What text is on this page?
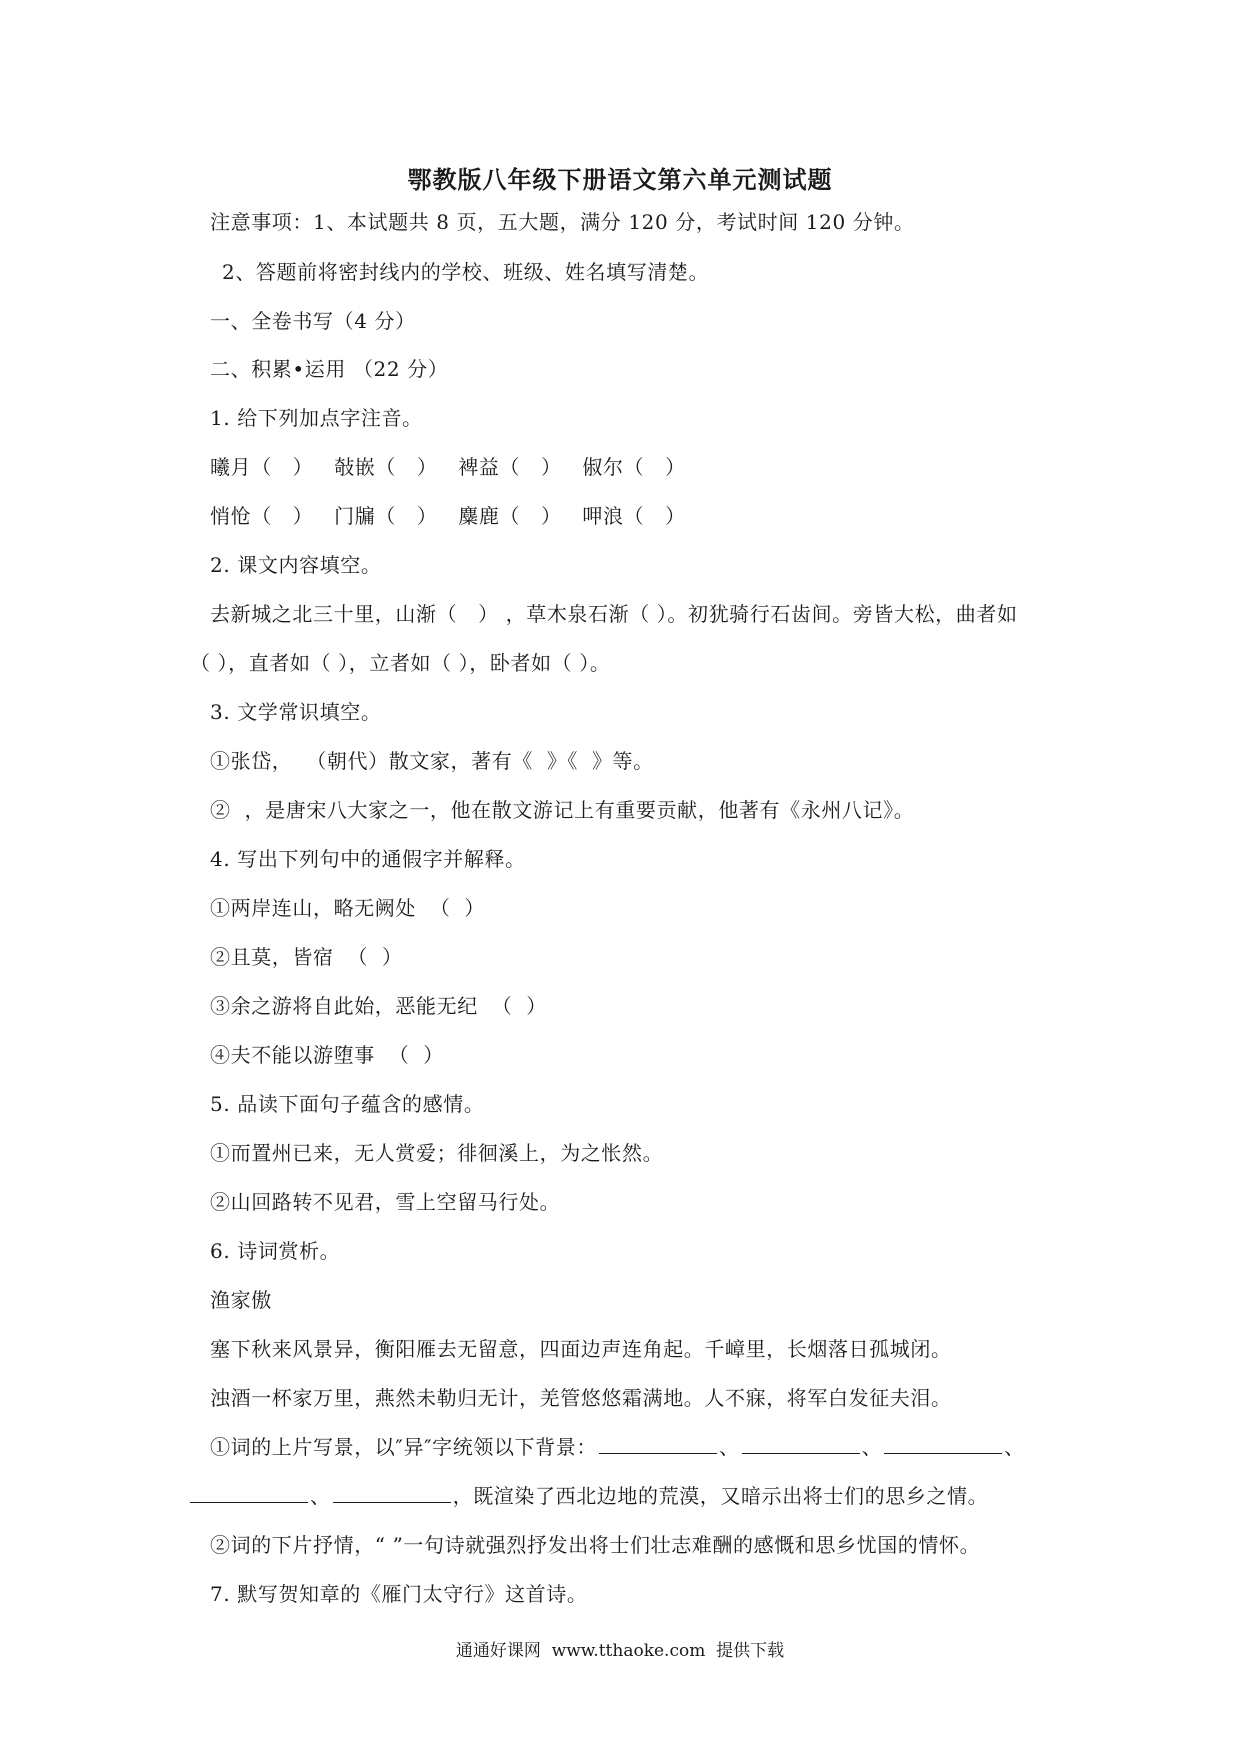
鄂教版八年级下册语文第六单元测试题
注意事项：1、本试题共 8 页，五大题，满分 120 分，考试时间 120 分钟。
2、答题前将密封线内的学校、班级、姓名填写清楚。
一、全卷书写（4 分）
二、积累•运用 （22 分）
1. 给下列加点字注音。
曦月（   ）   敧嵌（   ）   裨益（   ）   俶尔（   ）
悄怆（   ）   门牖（   ）   麋鹿（   ）   呷浪（   ）
2. 课文内容填空。
去新城之北三十里，山渐（   ） ，草木泉石渐（ ）。初犹骑行石齿间。旁皆大松，曲者如
（ ），直者如（ ），立者如（ ），卧者如（ ）。
3. 文学常识填空。
①张岱，  （朝代）散文家，著有《  》《  》等。
②  ，是唐宋八大家之一，他在散文游记上有重要贡献，他著有《永州八记》。
4. 写出下列句中的通假字并解释。
①两岸连山，略无阙处  （  ）
②且莫，皆宿  （  ）
③余之游将自此始，恶能无纪  （  ）
④夫不能以游堕事  （  ）
5. 品读下面句子蕴含的感情。
①而置州已来，无人赏爱；徘徊溪上，为之怅然。
②山回路转不见君，雪上空留马行处。
6. 诗词赏析。
渔家傲
塞下秋来风景异，衡阳雁去无留意，四面边声连角起。千嶂里，长烟落日孤城闭。
浊酒一杯家万里，燕然未勒归无计，羌管悠悠霜满地。人不寐，将军白发征夫泪。
①词的上片写景，以″异″字统领以下背景：	、	、	、
、	，既渲染了西北边地的荒漠，又暗示出将士们的思乡之情。
②词的下片抒情，“ ”一句诗就强烈抒发出将士们壮志难酬的感慨和思乡忧国的情怀。
7. 默写贺知章的《雁门太守行》这首诗。
通通好课网  www.tthaoke.com  提供下载
